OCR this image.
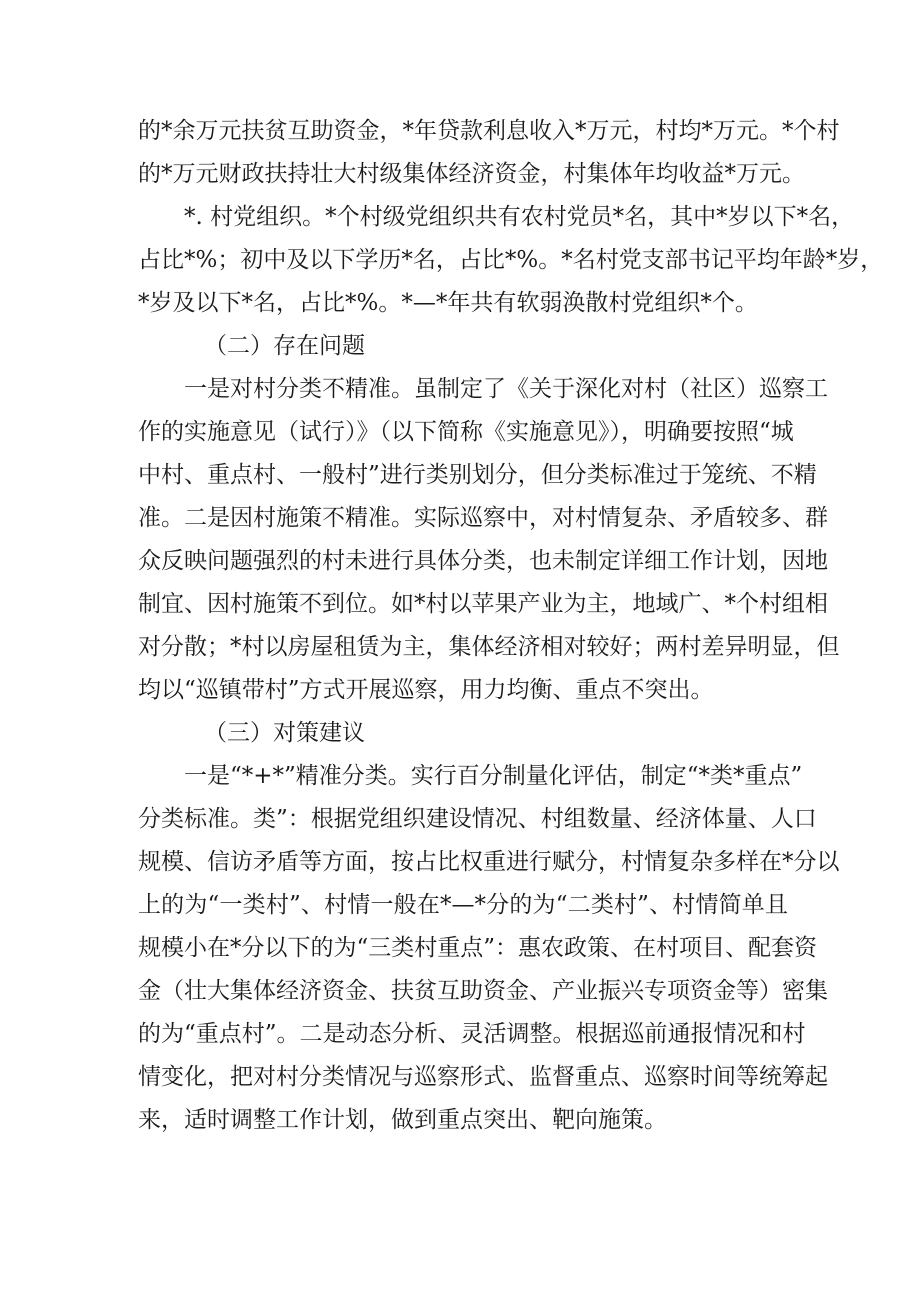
的*余万元扶贫互助资金，*年贷款利息收入*万元，村均*万元。*个村
的*万元财政扶持壮大村级集体经济资金，村集体年均收益*万元。
*. 村党组织。*个村级党组织共有农村党员*名，其中*岁以下*名，
占比*%；初中及以下学历*名，占比*%。*名村党支部书记平均年龄*岁，
*岁及以下*名，占比*%。*—*年共有软弱涣散村党组织*个。
（二）存在问题
一是对村分类不精准。虽制定了《关于深化对村（社区）巡察工
作的实施意见（试行）》（以下简称《实施意见》），明确要按照“城
中村、重点村、一般村”进行类别划分，但分类标准过于笼统、不精
准。二是因村施策不精准。实际巡察中，对村情复杂、矛盾较多、群
众反映问题强烈的村未进行具体分类，也未制定详细工作计划，因地
制宜、因村施策不到位。如*村以苹果产业为主，地域广、*个村组相
对分散；*村以房屋租赁为主，集体经济相对较好；两村差异明显，但
均以“巡镇带村”方式开展巡察，用力均衡、重点不突出。
（三）对策建议
一是“*+*”精准分类。实行百分制量化评估，制定“*类*重点”
分类标准。类”：根据党组织建设情况、村组数量、经济体量、人口
规模、信访矛盾等方面，按占比权重进行赋分，村情复杂多样在*分以
上的为“一类村”、村情一般在*—*分的为“二类村”、村情简单且
规模小在*分以下的为“三类村重点”：惠农政策、在村项目、配套资
金（壮大集体经济资金、扶贫互助资金、产业振兴专项资金等）密集
的为“重点村”。二是动态分析、灵活调整。根据巡前通报情况和村
情变化，把对村分类情况与巡察形式、监督重点、巡察时间等统筹起
来，适时调整工作计划，做到重点突出、靶向施策。
